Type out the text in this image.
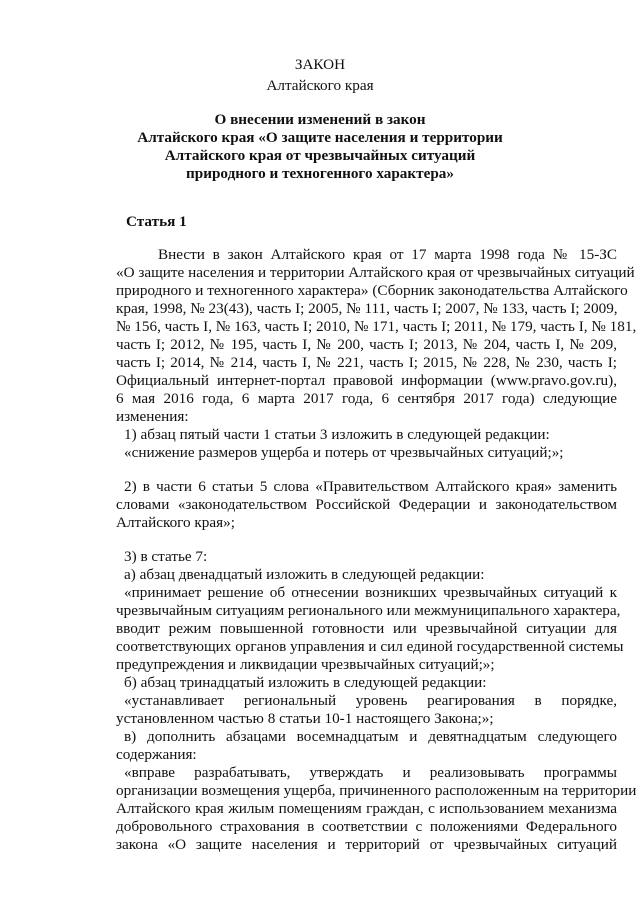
ЗАКОН
Алтайского края
О внесении изменений в закон
Алтайского края «О защите населения и территории
Алтайского края от чрезвычайных ситуаций
природного и техногенного характера»
Статья 1
Внести в закон Алтайского края от 17 марта 1998 года № 15-ЗС
«О защите населения и территории Алтайского края от чрезвычайных ситуаций
природного и техногенного характера» (Сборник законодательства Алтайского
края, 1998, № 23(43), часть I; 2005, № 111, часть I; 2007, № 133, часть I; 2009,
№ 156, часть I, № 163, часть I; 2010, № 171, часть I; 2011, № 179, часть I, № 181,
часть I; 2012, № 195, часть I, № 200, часть I; 2013, № 204, часть I, № 209,
часть I; 2014, № 214, часть I, № 221, часть I; 2015, № 228, № 230, часть I;
Официальный интернет-портал правовой информации (www.pravo.gov.ru),
6 мая 2016 года, 6 марта 2017 года, 6 сентября 2017 года) следующие
изменения:
1) абзац пятый части 1 статьи 3 изложить в следующей редакции:
«снижение размеров ущерба и потерь от чрезвычайных ситуаций;»;
2) в части 6 статьи 5 слова «Правительством Алтайского края» заменить
словами «законодательством Российской Федерации и законодательством
Алтайского края»;
3) в статье 7:
а) абзац двенадцатый изложить в следующей редакции:
«принимает решение об отнесении возникших чрезвычайных ситуаций к
чрезвычайным ситуациям регионального или межмуниципального характера,
вводит режим повышенной готовности или чрезвычайной ситуации для
соответствующих органов управления и сил единой государственной системы
предупреждения и ликвидации чрезвычайных ситуаций;»;
б) абзац тринадцатый изложить в следующей редакции:
«устанавливает региональный уровень реагирования в порядке,
установленном частью 8 статьи 10-1 настоящего Закона;»;
в) дополнить абзацами восемнадцатым и девятнадцатым следующего
содержания:
«вправе разрабатывать, утверждать и реализовывать программы
организации возмещения ущерба, причиненного расположенным на территории
Алтайского края жилым помещениям граждан, с использованием механизма
добровольного страхования в соответствии с положениями Федерального
закона «О защите населения и территорий от чрезвычайных ситуаций
